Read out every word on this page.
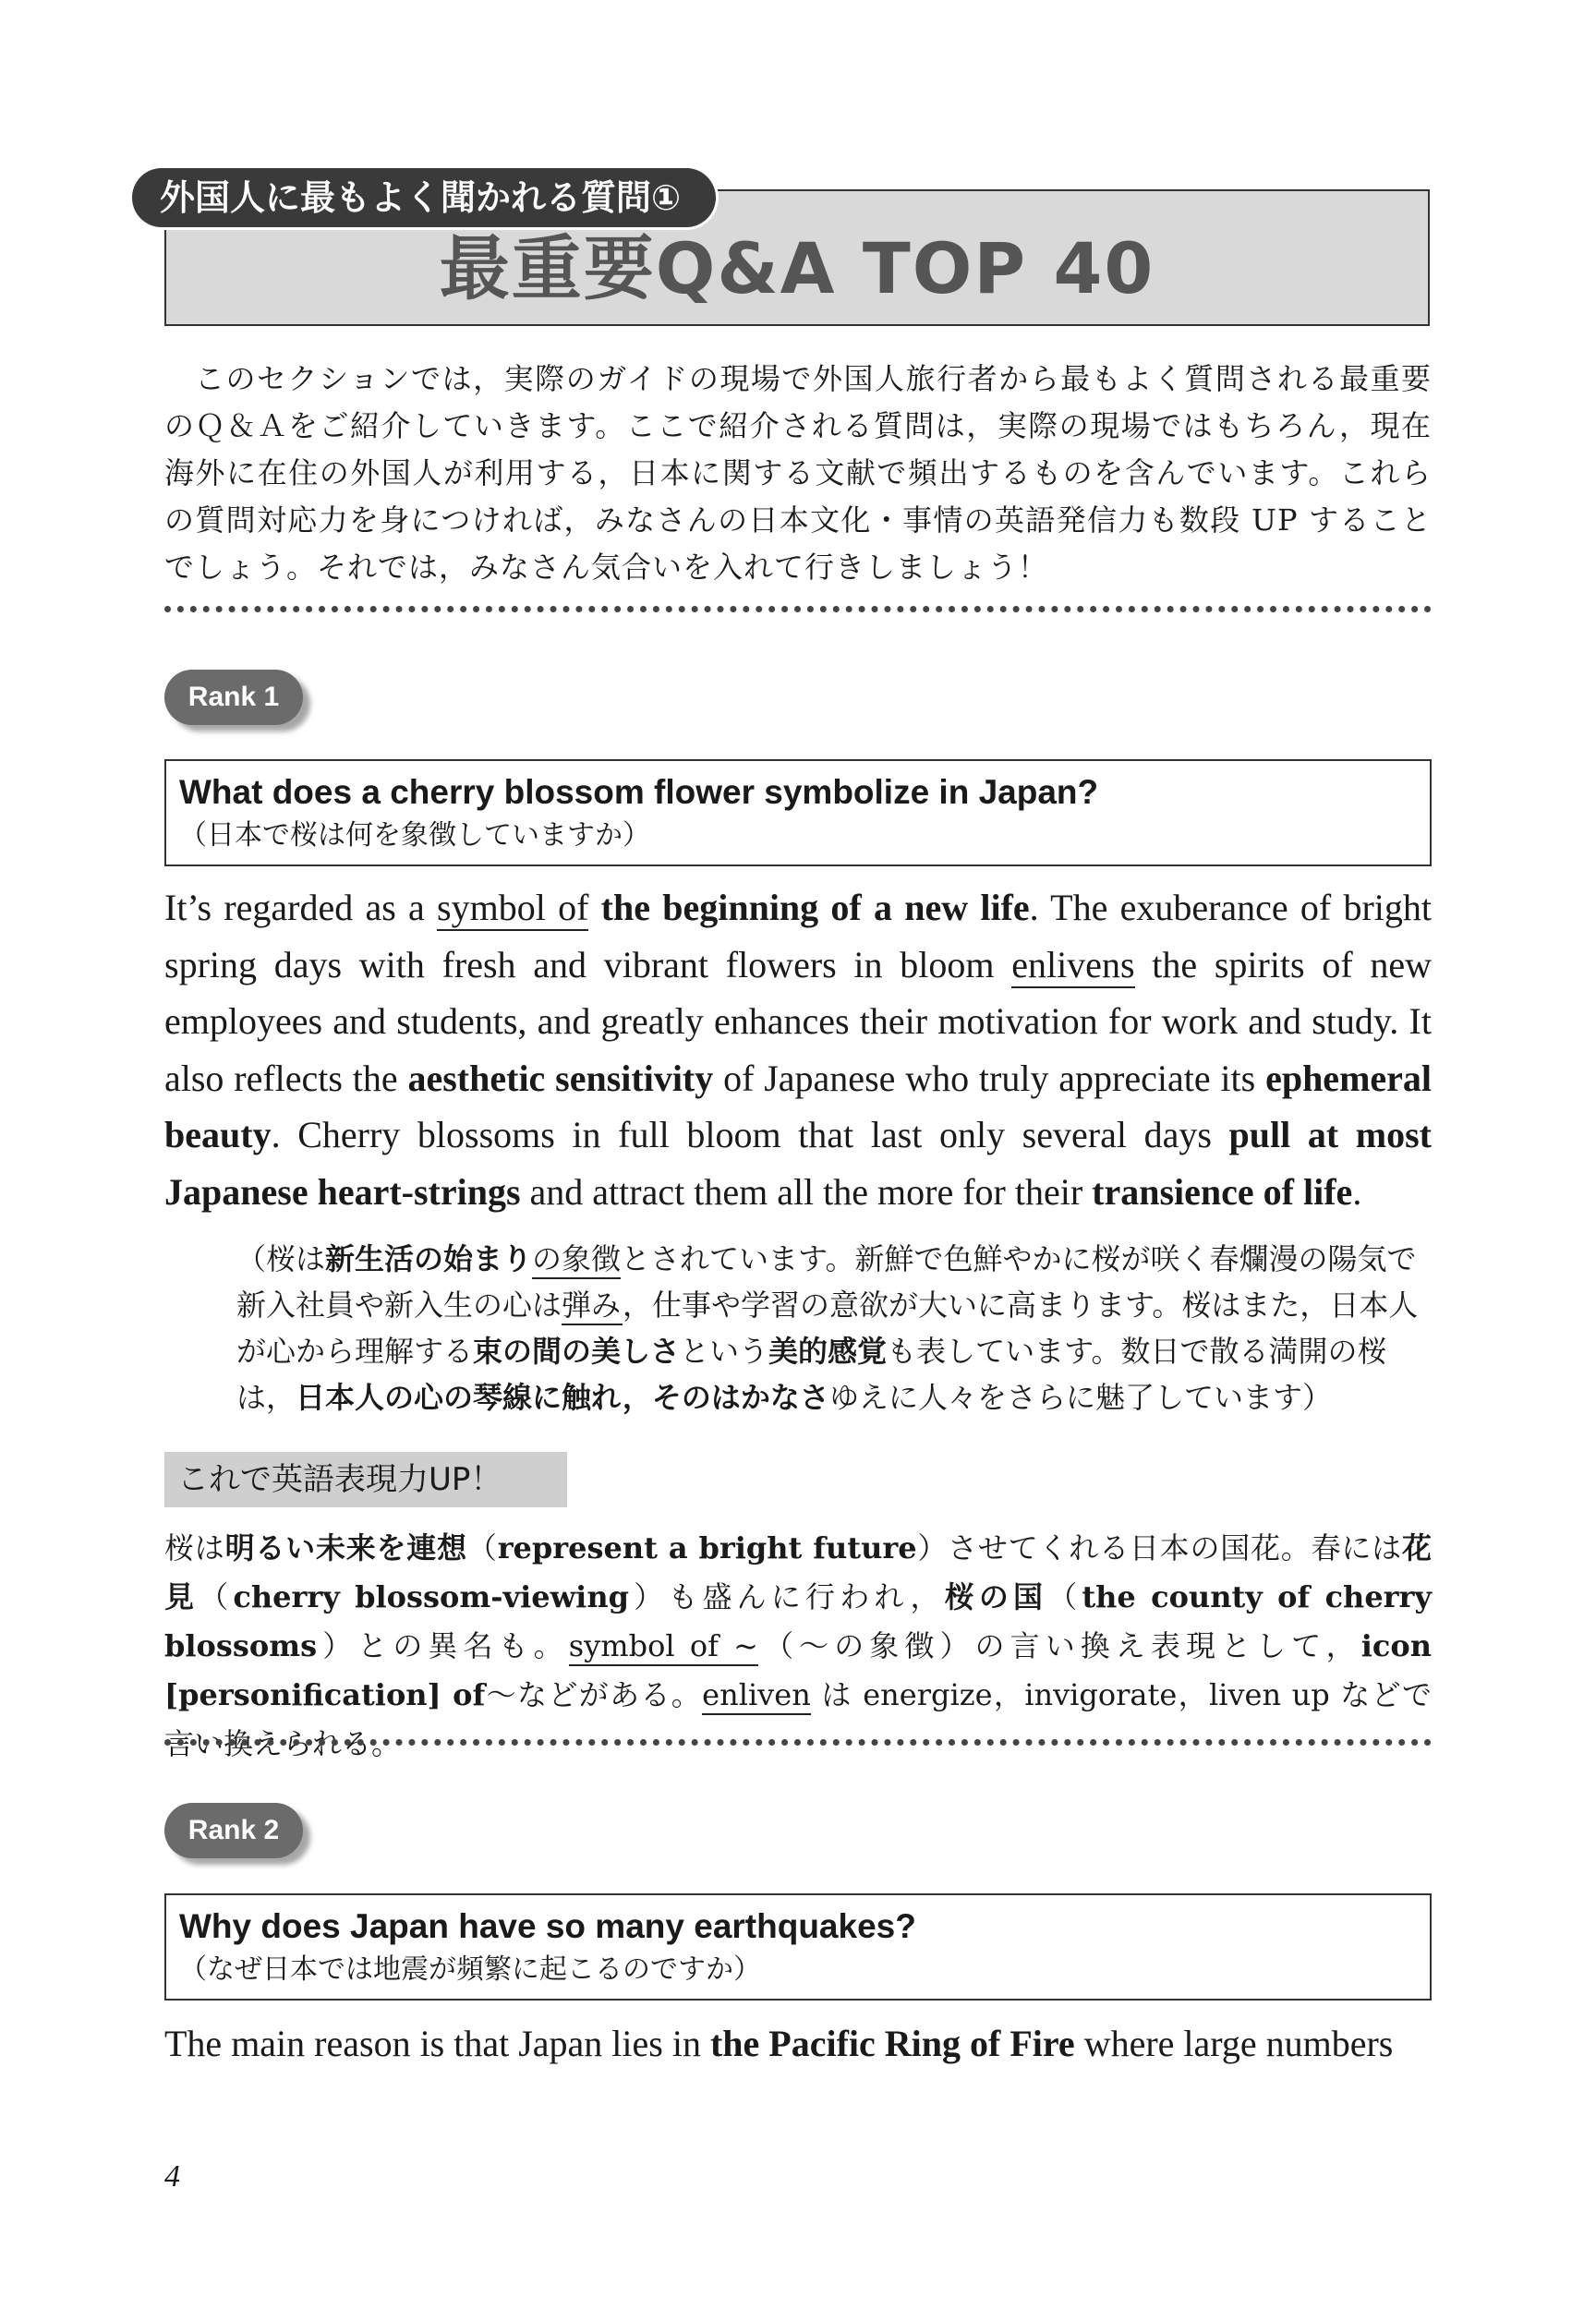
最重要Q&A TOP 40
外国人に最もよく聞かれる質問①
このセクションでは，実際のガイドの現場で外国人旅行者から最もよく質問される最重要のＱ＆Ａをご紹介していきます。ここで紹介される質問は，実際の現場ではもちろん，現在海外に在住の外国人が利用する，日本に関する文献で頻出するものを含んでいます。これらの質問対応力を身につければ，みなさんの日本文化・事情の英語発信力も数段 UP することでしょう。それでは，みなさん気合いを入れて行きしましょう！
Rank 1
What does a cherry blossom flower symbolize in Japan?
（日本で桜は何を象徴していますか）
It’s regarded as a symbol of the beginning of a new life. The exuberance of bright spring days with fresh and vibrant flowers in bloom enlivens the spirits of new employees and students, and greatly enhances their motivation for work and study. It also reflects the aesthetic sensitivity of Japanese who truly appreciate its ephemeral beauty. Cherry blossoms in full bloom that last only several days pull at most Japanese heart-strings and attract them all the more for their transience of life.
（桜は新生活の始まりの象徴とされています。新鮮で色鮮やかに桜が咲く春爛漫の陽気で新入社員や新入生の心は弾み，仕事や学習の意欲が大いに高まります。桜はまた，日本人が心から理解する束の間の美しさという美的感覚も表しています。数日で散る満開の桜は，日本人の心の琴線に触れ，そのはかなさゆえに人々をさらに魅了しています）
これで英語表現力UP！
桜は明るい未来を連想（represent a bright future）させてくれる日本の国花。春には花見（cherry blossom-viewing）も盛んに行われ，桜の国（the county of cherry blossoms）との異名も。symbol of ~（～の象徴）の言い換え表現として，icon [personification] of～などがある。enliven は energize，invigorate，liven up などで言い換えられる。
Rank 2
Why does Japan have so many earthquakes?
（なぜ日本では地震が頻繁に起こるのですか）
The main reason is that Japan lies in the Pacific Ring of Fire where large numbers
4
